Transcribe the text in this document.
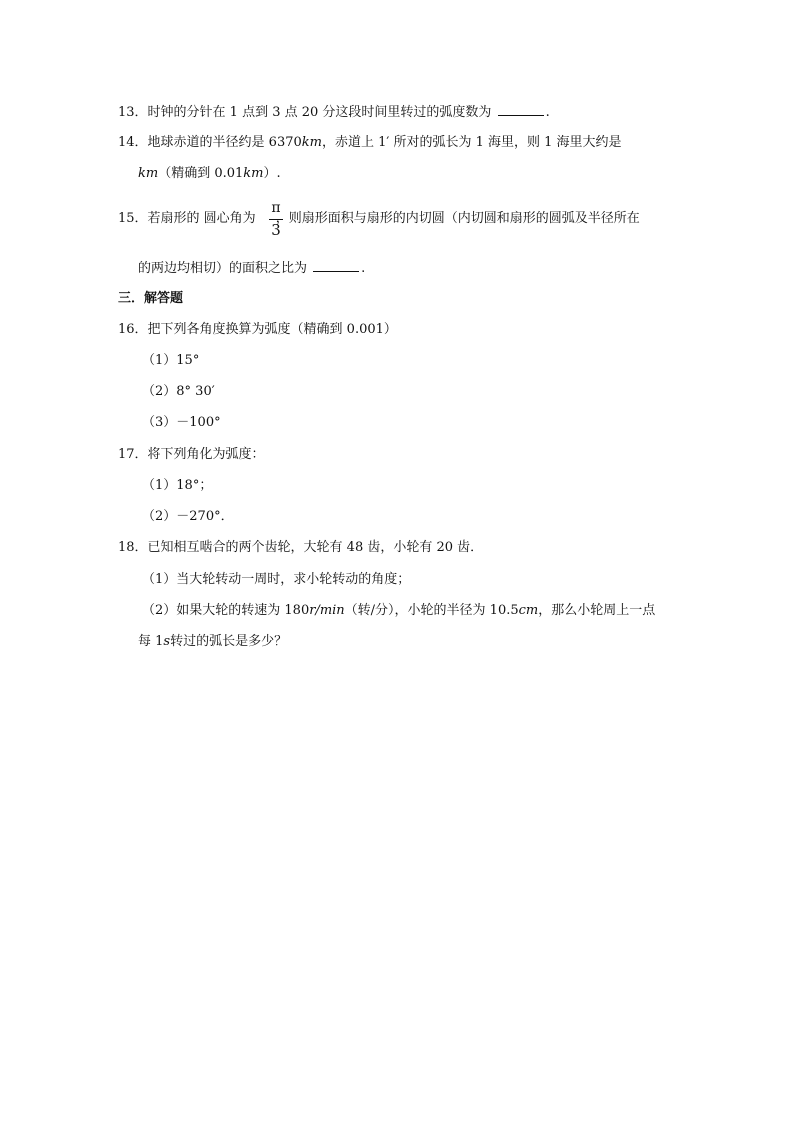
13．时钟的分针在 1 点到 3 点 20 分这段时间里转过的弧度数为	.
14．地球赤道的半径约是 6370km，赤道上 1′ 所对的弧长为 1 海里，则 1 海里大约是
km（精确到 0.01km）.
15．若扇形的 圆心角为 ，则扇形面积与扇形的内切圆（内切圆和扇形的圆弧及半径所在
π
3
的两边均相切）的面积之比为	.
三．解答题
16．把下列各角度换算为弧度（精确到 0.001）
（1）15°
（2）8° 30′
（3）－100°
17．将下列角化为弧度：
（1）18°；
（2）－270°．
18．已知相互啮合的两个齿轮，大轮有 48 齿，小轮有 20 齿．
（1）当大轮转动一周时，求小轮转动的角度；
（2）如果大轮的转速为 180r/min（转/分），小轮的半径为 10.5cm，那么小轮周上一点
每 1s转过的弧长是多少？
